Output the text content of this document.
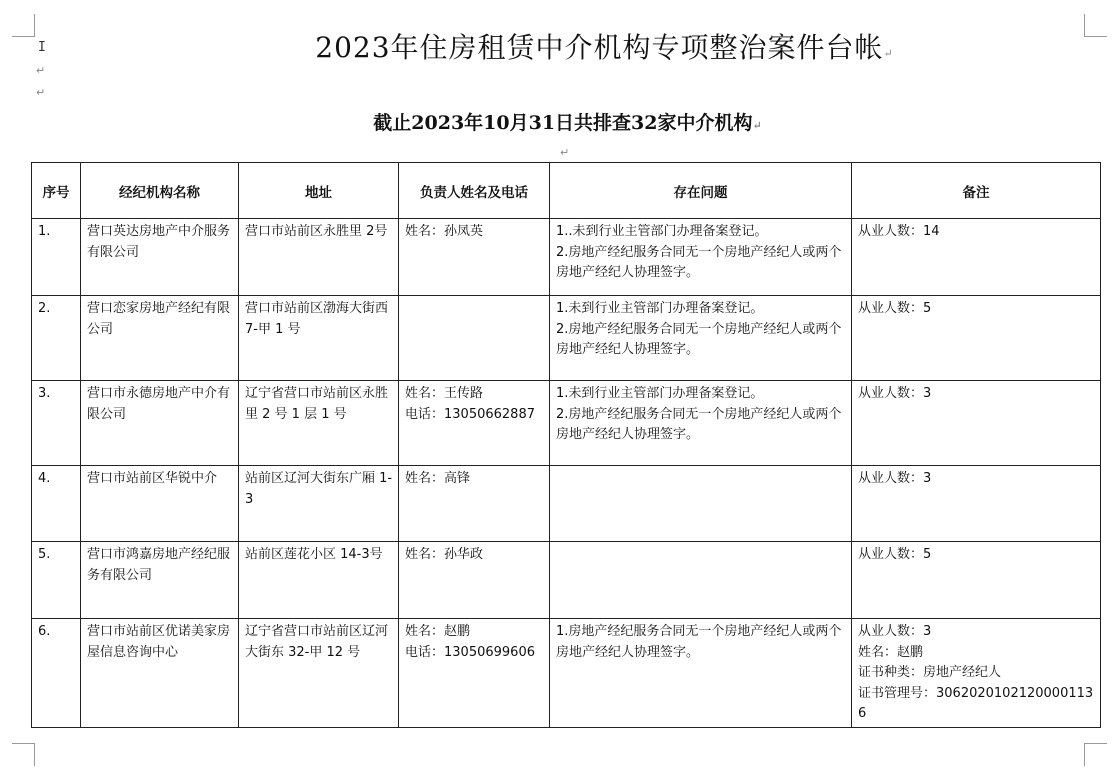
I
↵
↵
2023年住房租赁中介机构专项整治案件台帐↵
截止2023年10月31日共排查32家中介机构↵
↵
序号	经纪机构名称	地址	负责人姓名及电话	存在问题	备注
1.	营口英达房地产中介服务有限公司	营口市站前区永胜里 2号	姓名：孙凤英	1..未到行业主管部门办理备案登记。
2.房地产经纪服务合同无一个房地产经纪人或两个房地产经纪人协理签字。	从业人数：14

2.	营口恋家房地产经纪有限公司	营口市站前区渤海大街西 7-甲 1 号		1.未到行业主管部门办理备案登记。
2.房地产经纪服务合同无一个房地产经纪人或两个房地产经纪人协理签字。	从业人数：5

3.	营口市永德房地产中介有限公司	辽宁省营口市站前区永胜里 2 号 1 层 1 号	姓名：王传路
电话：13050662887	1.未到行业主管部门办理备案登记。
2.房地产经纪服务合同无一个房地产经纪人或两个房地产经纪人协理签字。	从业人数：3

4.	营口市站前区华锐中介	站前区辽河大街东广厢 1-3	姓名：高锋		从业人数：3

5.	营口市鸿嘉房地产经纪服务有限公司	站前区莲花小区 14-3号	姓名：孙华政		从业人数：5

6.	营口市站前区优诺美家房屋信息咨询中心	辽宁省营口市站前区辽河大街东 32-甲 12 号	姓名：赵鹏
电话：13050699606	1.房地产经纪服务合同无一个房地产经纪人或两个房地产经纪人协理签字。	从业人数：3
姓名：赵鹏
证书种类：房地产经纪人
证书管理号：30620201021200001136
